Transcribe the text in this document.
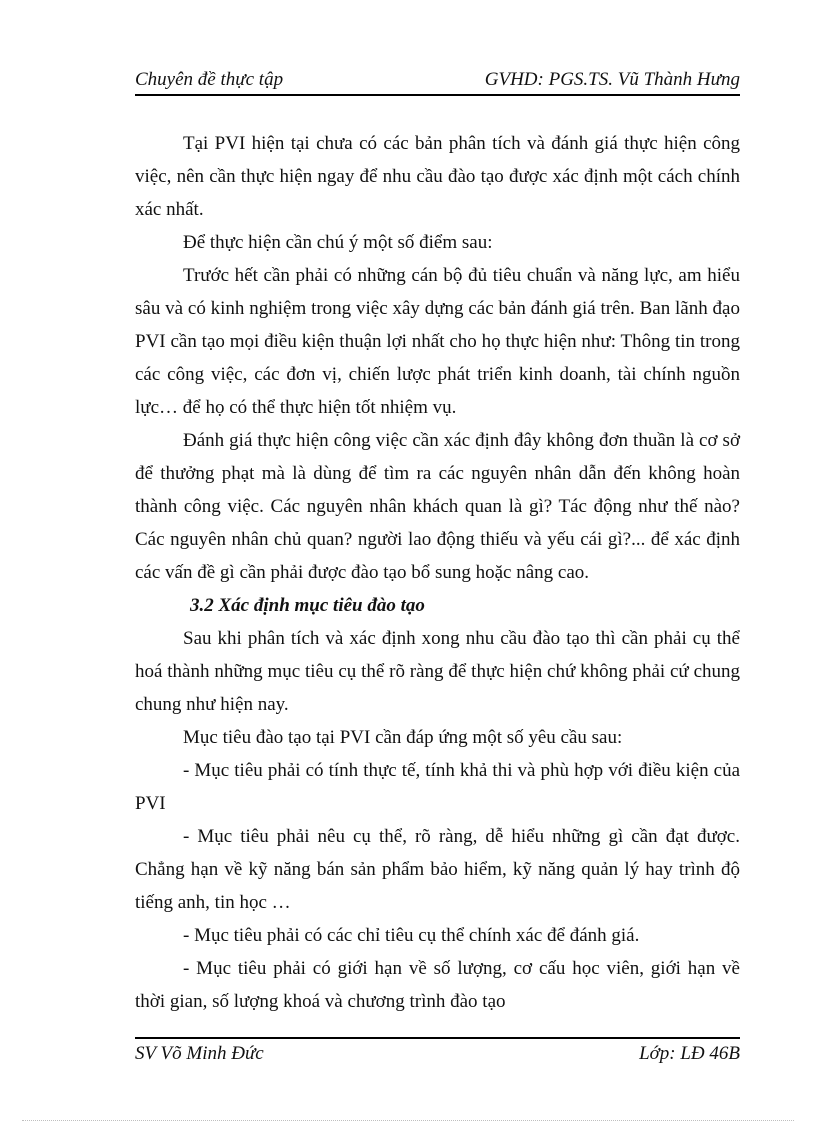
Chuyên đề thực tập	GVHD: PGS.TS. Vũ Thành Hưng

Tại PVI hiện tại chưa có các bản phân tích và đánh giá thực hiện công việc, nên cần thực hiện ngay để nhu cầu đào tạo được xác định một cách chính xác nhất.

Để thực hiện cần chú ý một số điểm sau:

Trước hết cần phải có những cán bộ đủ tiêu chuẩn và năng lực, am hiểu sâu và có kinh nghiệm trong việc xây dựng các bản đánh giá trên. Ban lãnh đạo PVI cần tạo mọi điều kiện thuận lợi nhất cho họ thực hiện như: Thông tin trong các công việc, các đơn vị, chiến lược phát triển kinh doanh, tài chính nguồn lực… để họ có thể thực hiện tốt nhiệm vụ.

Đánh giá thực hiện công việc cần xác định đây không đơn thuần là cơ sở để thưởng phạt mà là dùng để tìm ra các nguyên nhân dẫn đến không hoàn thành công việc. Các nguyên nhân khách quan là gì? Tác động như thế nào? Các nguyên nhân chủ quan? người lao động thiếu và yếu cái gì?... để xác định các vấn đề gì cần phải được đào tạo bổ sung hoặc nâng cao.

3.2 Xác định mục tiêu đào tạo

Sau khi phân tích và xác định xong nhu cầu đào tạo thì cần phải cụ thể hoá thành những mục tiêu cụ thể rõ ràng để thực hiện chứ không phải cứ chung chung như hiện nay.

Mục tiêu đào tạo tại PVI cần đáp ứng một số yêu cầu sau:

- Mục tiêu phải có tính thực tế, tính khả thi và phù hợp với điều kiện của PVI

- Mục tiêu phải nêu cụ thể, rõ ràng, dễ hiểu những gì cần đạt được. Chẳng hạn về kỹ năng bán sản phẩm bảo hiểm, kỹ năng quản lý hay trình độ tiếng anh, tin học …

- Mục tiêu phải có các chỉ tiêu cụ thể chính xác để đánh giá.

- Mục tiêu phải có giới hạn về số lượng, cơ cấu học viên, giới hạn về thời gian, số lượng khoá và chương trình đào tạo

SV Võ Minh Đức	Lớp: LĐ 46B
